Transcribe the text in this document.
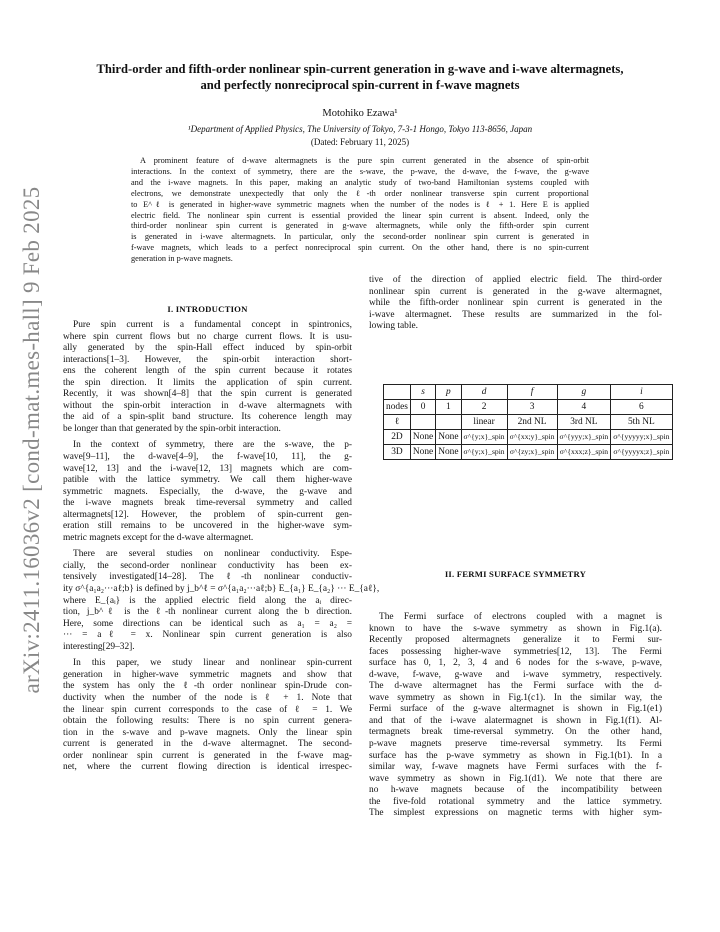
arXiv:2411.16036v2 [cond-mat.mes-hall] 9 Feb 2025
Third-order and fifth-order nonlinear spin-current generation in g-wave and i-wave altermagnets,
and perfectly nonreciprocal spin-current in f-wave magnets
Motohiko Ezawa¹
¹Department of Applied Physics, The University of Tokyo, 7-3-1 Hongo, Tokyo 113-8656, Japan
(Dated: February 11, 2025)
A prominent feature of d-wave altermagnets is the pure spin current generated in the absence of spin-orbit
interactions. In the context of symmetry, there are the s-wave, the p-wave, the d-wave, the f-wave, the g-wave
and the i-wave magnets. In this paper, making an analytic study of two-band Hamiltonian systems coupled with
electrons, we demonstrate unexpectedly that only the ℓ-th order nonlinear transverse spin current proportional
to E^ℓ is generated in higher-wave symmetric magnets when the number of the nodes is ℓ + 1. Here E is applied
electric field. The nonlinear spin current is essential provided the linear spin current is absent. Indeed, only the
third-order nonlinear spin current is generated in g-wave altermagnets, while only the fifth-order spin current
is generated in i-wave altermagnets. In particular, only the second-order nonlinear spin current is generated in
f-wave magnets, which leads to a perfect nonreciprocal spin current. On the other hand, there is no spin-current
generation in p-wave magnets.
I. INTRODUCTION
Pure spin current is a fundamental concept in spintronics,
where spin current flows but no charge current flows. It is usu-
ally generated by the spin-Hall effect induced by spin-orbit
interactions[1–3]. However, the spin-orbit interaction short-
ens the coherent length of the spin current because it rotates
the spin direction. It limits the application of spin current.
Recently, it was shown[4–8] that the spin current is generated
without the spin-orbit interaction in d-wave altermagnets with
the aid of a spin-split band structure. Its coherence length may
be longer than that generated by the spin-orbit interaction.
In the context of symmetry, there are the s-wave, the p-
wave[9–11], the d-wave[4–9], the f-wave[10, 11], the g-
wave[12, 13] and the i-wave[12, 13] magnets which are com-
patible with the lattice symmetry. We call them higher-wave
symmetric magnets. Especially, the d-wave, the g-wave and
the i-wave magnets break time-reversal symmetry and called
altermagnets[12]. However, the problem of spin-current gen-
eration still remains to be uncovered in the higher-wave sym-
metric magnets except for the d-wave altermagnet.
There are several studies on nonlinear conductivity. Espe-
cially, the second-order nonlinear conductivity has been ex-
tensively investigated[14–28]. The ℓ-th nonlinear conductiv-
ity σ^{a₁a₂···aℓ;b} is defined by j_b^ℓ = σ^{a₁a₂···aℓ;b} E_{a₁} E_{a₂} ··· E_{aℓ},
where E_{aᵢ} is the applied electric field along the aᵢ direc-
tion, j_b^ℓ is the ℓ-th nonlinear current along the b direction.
Here, some directions can be identical such as a₁ = a₂ =
··· = aℓ = x. Nonlinear spin current generation is also
interesting[29–32].
In this paper, we study linear and nonlinear spin-current
generation in higher-wave symmetric magnets and show that
the system has only the ℓ-th order nonlinear spin-Drude con-
ductivity when the number of the node is ℓ + 1. Note that
the linear spin current corresponds to the case of ℓ = 1. We
obtain the following results: There is no spin current genera-
tion in the s-wave and p-wave magnets. Only the linear spin
current is generated in the d-wave altermagnet. The second-
order nonlinear spin current is generated in the f-wave mag-
net, where the current flowing direction is identical irrespec-
tive of the direction of applied electric field. The third-order
nonlinear spin current is generated in the g-wave altermagnet,
while the fifth-order nonlinear spin current is generated in the
i-wave altermagnet. These results are summarized in the fol-
lowing table.
	s	p	d	f	g	i
nodes	0	1	2	3	4	6
ℓ			linear	2nd NL	3rd NL	5th NL
2D	None	None	σ^{y;x}_spin	σ^{xx;y}_spin	σ^{yyy;x}_spin	σ^{yyyyy;x}_spin
3D	None	None	σ^{y;x}_spin	σ^{zy;x}_spin	σ^{xxx;z}_spin	σ^{yyyyx;z}_spin
II. FERMI SURFACE SYMMETRY
The Fermi surface of electrons coupled with a magnet is
known to have the s-wave symmetry as shown in Fig.1(a).
Recently proposed altermagnets generalize it to Fermi sur-
faces possessing higher-wave symmetries[12, 13]. The Fermi
surface has 0, 1, 2, 3, 4 and 6 nodes for the s-wave, p-wave,
d-wave, f-wave, g-wave and i-wave symmetry, respectively.
The d-wave altermagnet has the Fermi surface with the d-
wave symmetry as shown in Fig.1(c1). In the similar way, the
Fermi surface of the g-wave altermagnet is shown in Fig.1(e1)
and that of the i-wave alatermagnet is shown in Fig.1(f1). Al-
termagnets break time-reversal symmetry. On the other hand,
p-wave magnets preserve time-reversal symmetry. Its Fermi
surface has the p-wave symmetry as shown in Fig.1(b1). In a
similar way, f-wave magnets have Fermi surfaces with the f-
wave symmetry as shown in Fig.1(d1). We note that there are
no h-wave magnets because of the incompatibility between
the five-fold rotational symmetry and the lattice symmetry.
The simplest expressions on magnetic terms with higher sym-
